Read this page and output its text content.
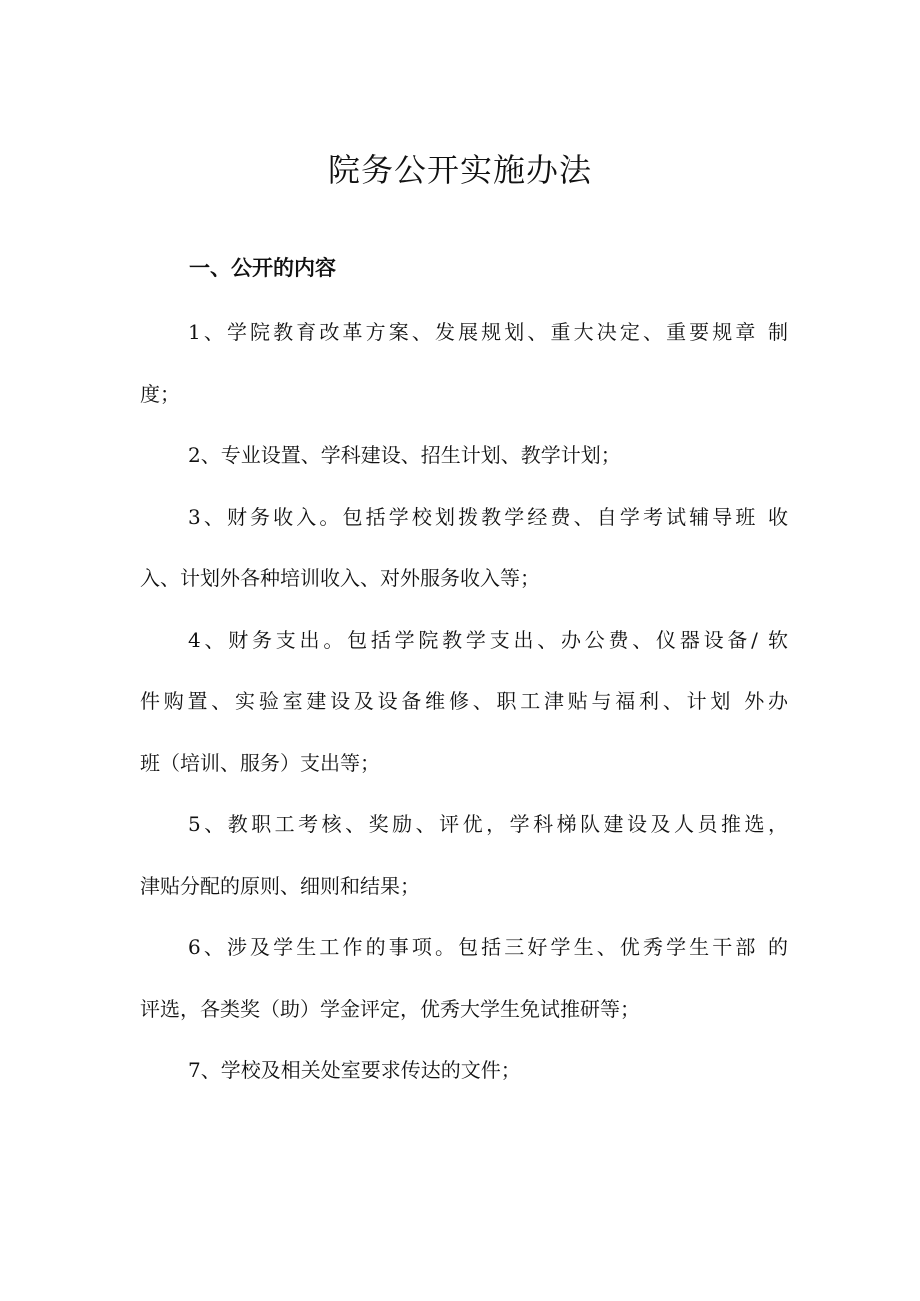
院务公开实施办法
一、公开的内容
1、学院教育改革方案、发展规划、重大决定、重要规章 制
度；
2、专业设置、学科建设、招生计划、教学计划；
3、财务收入。包括学校划拨教学经费、自学考试辅导班 收
入、计划外各种培训收入、对外服务收入等；
4、财务支出。包括学院教学支出、办公费、仪器设备/ 软
件购置、实验室建设及设备维修、职工津贴与福利、计划 外办
班（培训、服务）支出等；
5、教职工考核、奖励、评优，学科梯队建设及人员推选，
津贴分配的原则、细则和结果；
6、涉及学生工作的事项。包括三好学生、优秀学生干部 的
评选，各类奖（助）学金评定，优秀大学生免试推研等；
7、学校及相关处室要求传达的文件；
